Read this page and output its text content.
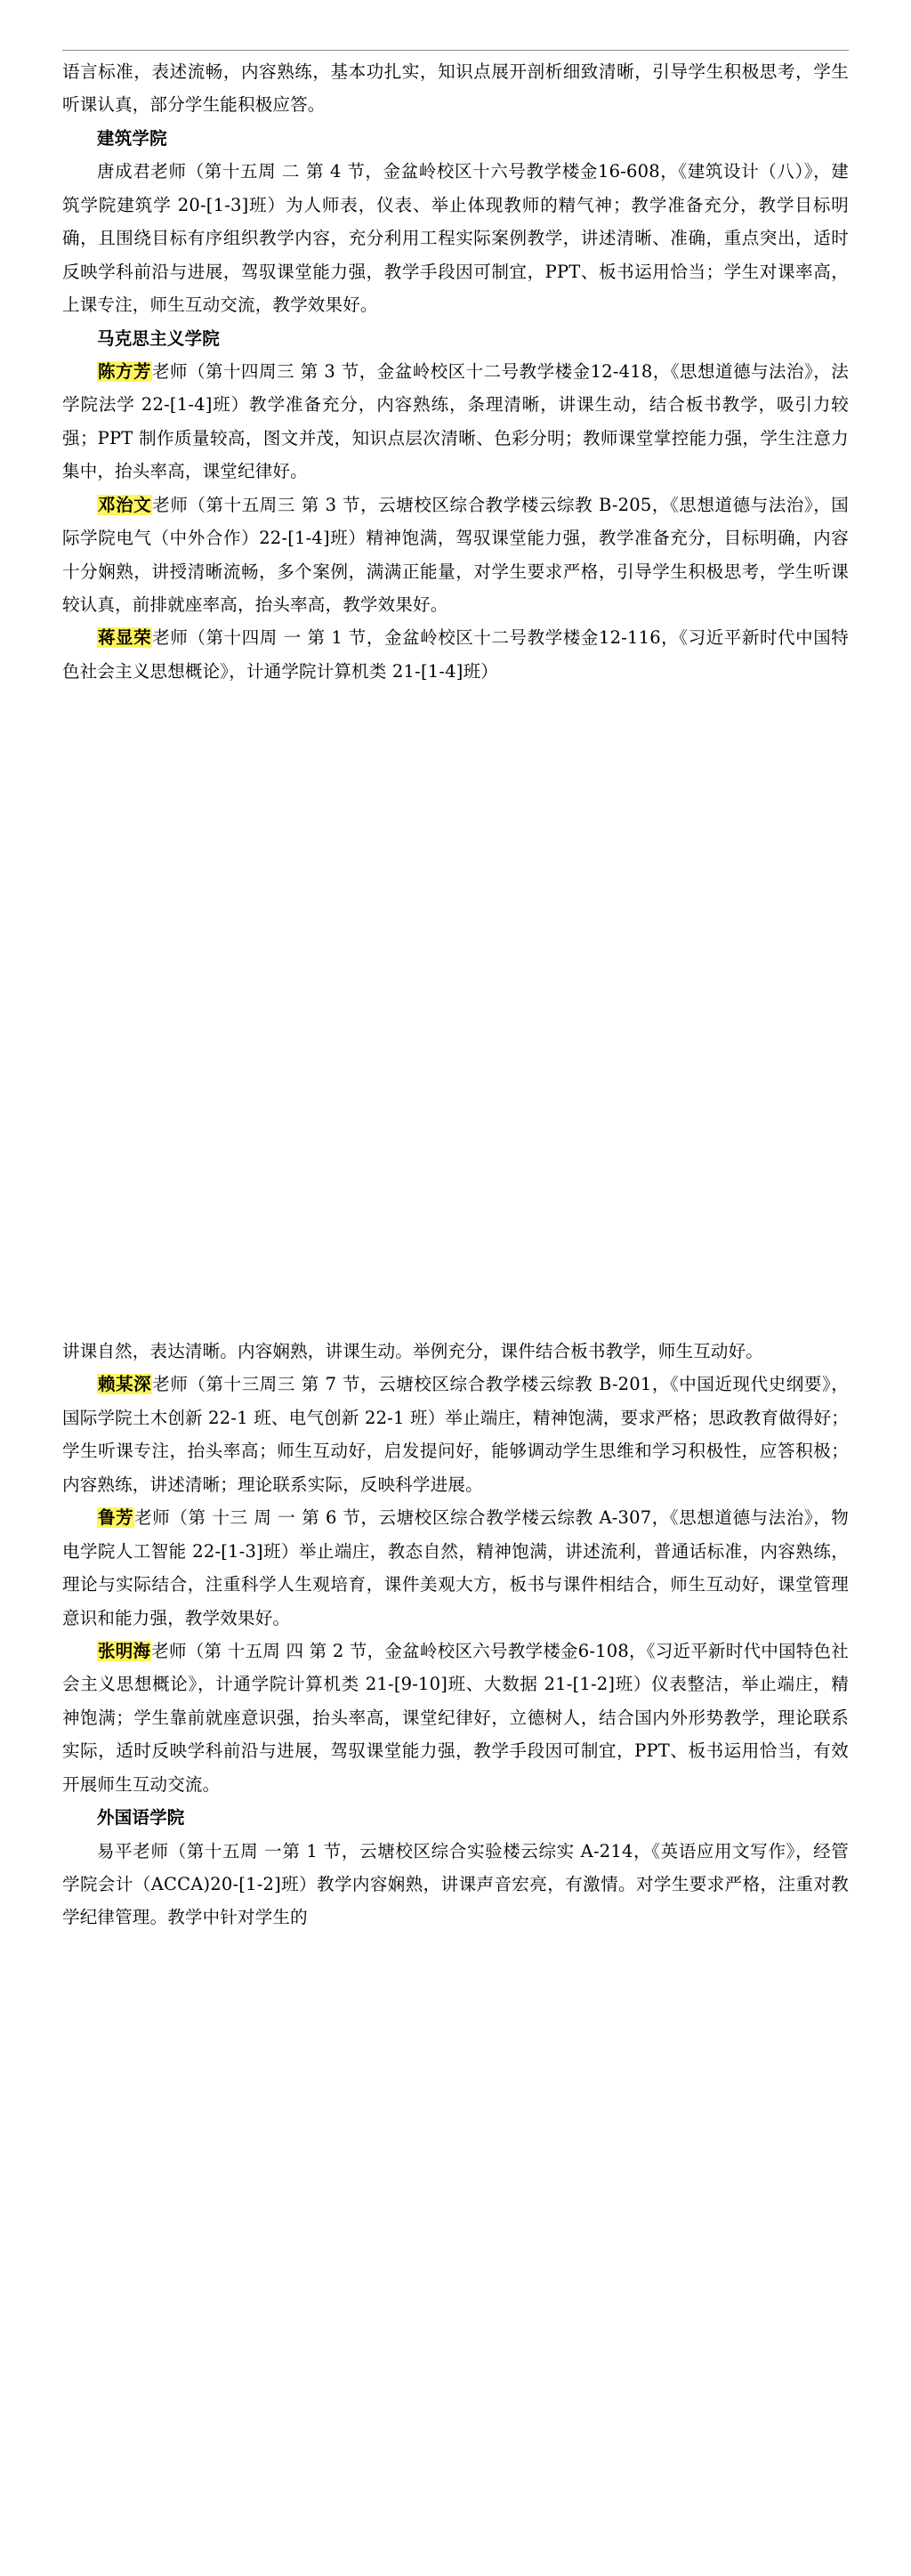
语言标准，表述流畅，内容熟练，基本功扎实，知识点展开剖析细致清晰，引导学生积极思考，学生听课认真，部分学生能积极应答。

建筑学院

唐成君老师（第十五周 二 第 4 节，金盆岭校区十六号教学楼金16-608，《建筑设计（八）》，建筑学院建筑学 20-[1-3]班）为人师表，仪表、举止体现教师的精气神；教学准备充分，教学目标明确，且围绕目标有序组织教学内容，充分利用工程实际案例教学，讲述清晰、准确，重点突出，适时反映学科前沿与进展，驾驭课堂能力强，教学手段因可制宜，PPT、板书运用恰当；学生对课率高，上课专注，师生互动交流，教学效果好。

马克思主义学院

陈方芳老师（第十四周三 第 3 节，金盆岭校区十二号教学楼金12-418，《思想道德与法治》，法学院法学 22-[1-4]班）教学准备充分，内容熟练，条理清晰，讲课生动，结合板书教学，吸引力较强；PPT 制作质量较高，图文并茂，知识点层次清晰、色彩分明；教师课堂掌控能力强，学生注意力集中，抬头率高，课堂纪律好。

邓治文老师（第十五周三 第 3 节，云塘校区综合教学楼云综教 B-205，《思想道德与法治》，国际学院电气（中外合作）22-[1-4]班）精神饱满，驾驭课堂能力强，教学准备充分，目标明确，内容十分娴熟，讲授清晰流畅，多个案例，满满正能量，对学生要求严格，引导学生积极思考，学生听课较认真，前排就座率高，抬头率高，教学效果好。

蒋显荣老师（第十四周 一 第 1 节，金盆岭校区十二号教学楼金12-116，《习近平新时代中国特色社会主义思想概论》，计通学院计算机类 21-[1-4]班）

讲课自然，表达清晰。内容娴熟，讲课生动。举例充分，课件结合板书教学，师生互动好。

赖某深老师（第十三周三 第 7 节，云塘校区综合教学楼云综教 B-201，《中国近现代史纲要》，国际学院土木创新 22-1 班、电气创新 22-1 班）举止端庄，精神饱满，要求严格；思政教育做得好；学生听课专注，抬头率高；师生互动好，启发提问好，能够调动学生思维和学习积极性，应答积极；内容熟练，讲述清晰；理论联系实际，反映科学进展。

鲁芳老师（第 十三 周 一 第 6 节，云塘校区综合教学楼云综教 A-307，《思想道德与法治》，物电学院人工智能 22-[1-3]班）举止端庄，教态自然，精神饱满，讲述流利，普通话标准，内容熟练，理论与实际结合，注重科学人生观培育，课件美观大方，板书与课件相结合，师生互动好，课堂管理意识和能力强，教学效果好。

张明海老师（第 十五周 四 第 2 节，金盆岭校区六号教学楼金6-108，《习近平新时代中国特色社会主义思想概论》，计通学院计算机类 21-[9-10]班、大数据 21-[1-2]班）仪表整洁，举止端庄，精神饱满；学生靠前就座意识强，抬头率高，课堂纪律好，立德树人，结合国内外形势教学，理论联系实际，适时反映学科前沿与进展，驾驭课堂能力强，教学手段因可制宜，PPT、板书运用恰当，有效开展师生互动交流。

外国语学院

易平老师（第十五周 一第 1 节，云塘校区综合实验楼云综实 A-214，《英语应用文写作》，经管学院会计（ACCA)20-[1-2]班）教学内容娴熟，讲课声音宏亮，有激情。对学生要求严格，注重对教学纪律管理。教学中针对学生的
